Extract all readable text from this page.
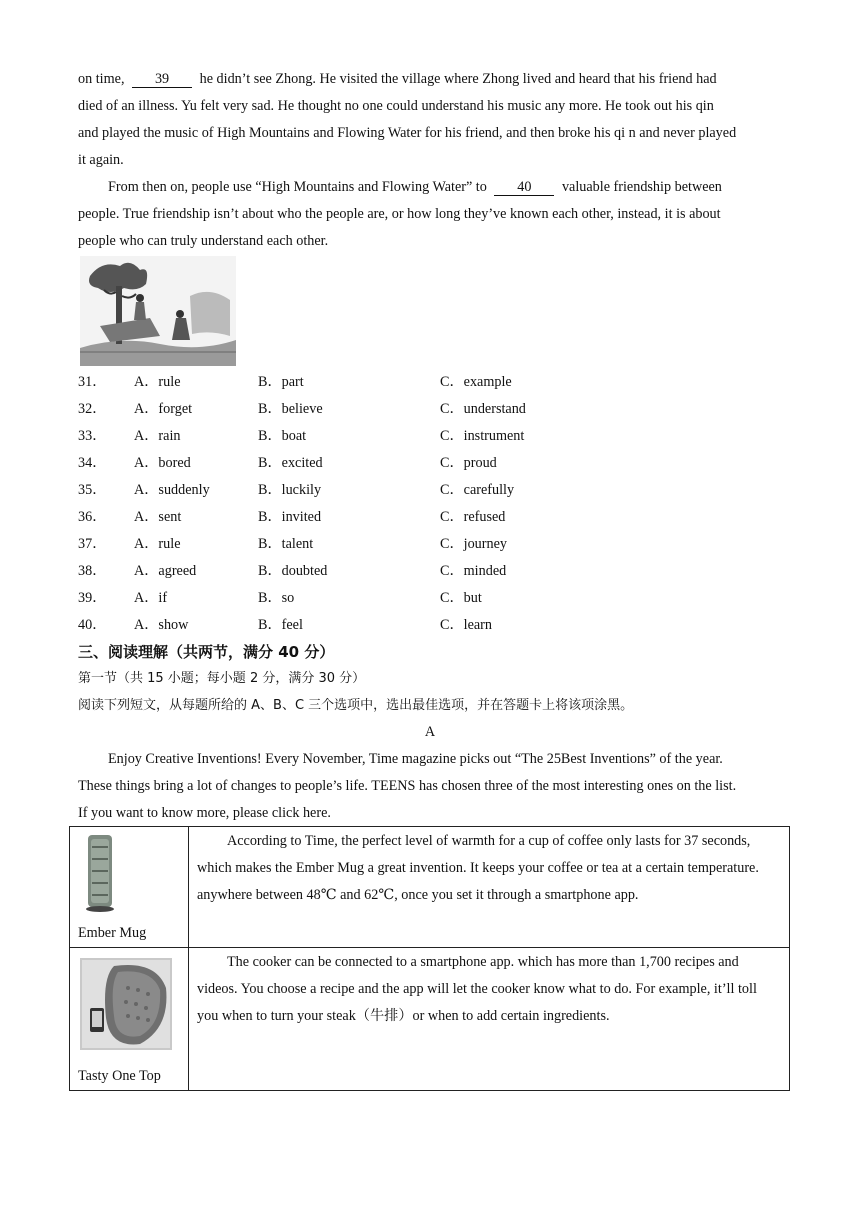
on time, 39 he didn’t see Zhong. He visited the village where Zhong lived and heard that his friend had
died of an illness. Yu felt very sad. He thought no one could understand his music any more. He took out his qin
and played the music of High Mountains and Flowing Water for his friend, and then broke his qi n and never played
it again.
From then on, people use “High Mountains and Flowing Water” to 40 valuable friendship between
people. True friendship isn’t about who the people are, or how long they’ve known each other, instead, it is about
people who can truly understand each other.
31． A．rule	B．part	C．example
32． A．forget	B．believe	C．understand
33． A．rain	B．boat	C．instrument
34． A．bored	B．excited	C．proud
35． A．suddenly	B．luckily	C．carefully
36． A．sent	B．invited	C．refused
37． A．rule	B．talent	C．journey
38． A．agreed	B．doubted	C．minded
39． A．if	B．so	C．but
40． A．show	B．feel	C．learn
三、阅读理解（共两节，满分 40 分）
第一节（共 15 小题；每小题 2 分，满分 30 分）
阅读下列短文，从每题所给的 A、B、C 三个选项中，选出最佳选项，并在答题卡上将该项涂黑。
A
Enjoy Creative Inventions! Every November, Time magazine picks out “The 25Best Inventions” of the year.
These things bring a lot of changes to people’s life. TEENS has chosen three of the most interesting ones on the list.
If you want to know more, please click here.
Ember Mug	According to Time, the perfect level of warmth for a cup of coffee only lasts for 37 seconds, which makes the Ember Mug a great invention. It keeps your coffee or tea at a certain temperature. anywhere between 48℃ and 62℃, once you set it through a smartphone app.

Tasty One Top	The cooker can be connected to a smartphone app. which has more than 1,700 recipes and videos. You choose a recipe and the app will let the cooker know what to do. For example, it’ll toll you when to turn your steak（牛排）or when to add certain ingredients.
